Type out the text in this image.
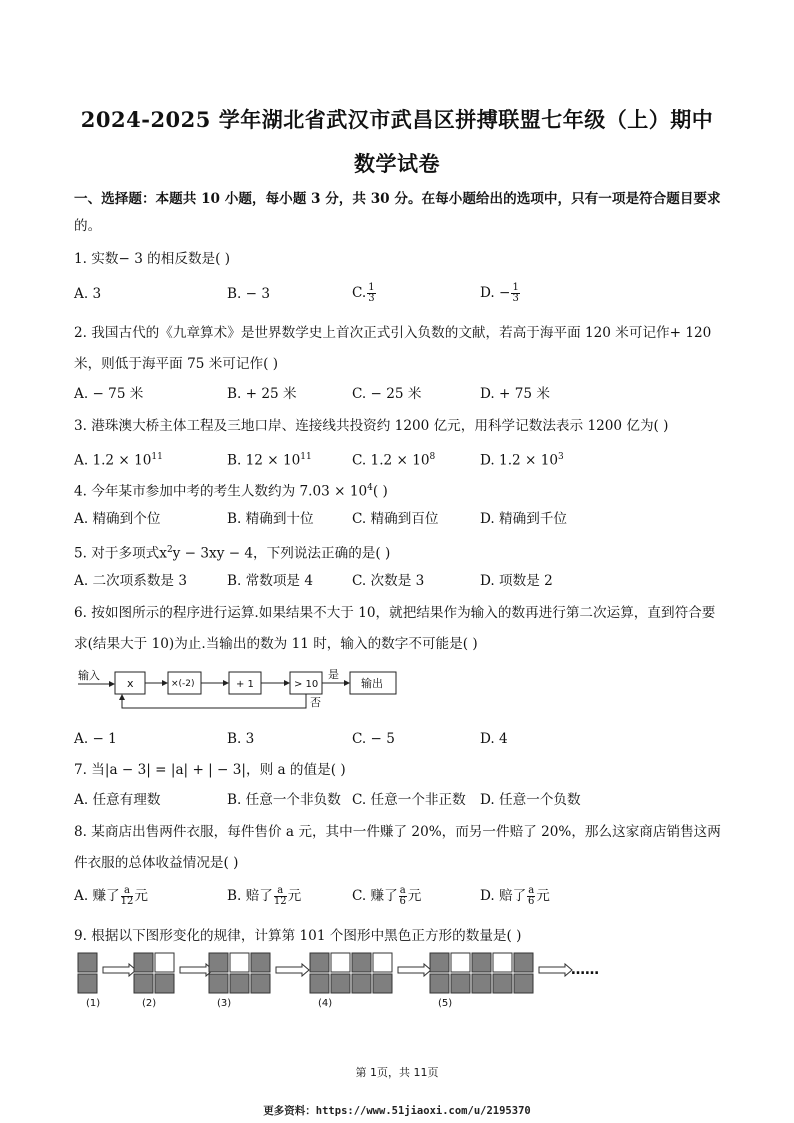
2024-2025 学年湖北省武汉市武昌区拼搏联盟七年级（上）期中
数学试卷
一、选择题：本题共 10 小题，每小题 3 分，共 30 分。在每小题给出的选项中，只有一项是符合题目要求
的。
1. 实数− 3 的相反数是( )
A. 3	B. − 3	C. $\frac{1}{3}$	D. − $\frac{1}{3}$
2. 我国古代的《九章算术》是世界数学史上首次正式引入负数的文献，若高于海平面 120 米可记作+ 120
米，则低于海平面 75 米可记作( )
A. − 75 米	B. + 25 米	C. − 25 米	D. + 75 米
3. 港珠澳大桥主体工程及三地口岸、连接线共投资约 1200 亿元，用科学记数法表示 1200 亿为( )
A. $1.2 \times 10^{11}$	B. $12 \times 10^{11}$	C. $1.2 \times 10^8$	D. $1.2 \times 10^3$
4. 今年某市参加中考的考生人数约为 $7.03 \times 10^4$( )
A. 精确到个位	B. 精确到十位	C. 精确到百位	D. 精确到千位
5. 对于多项式$x^2y - 3xy - 4$，下列说法正确的是( )
A. 二次项系数是 3	B. 常数项是 4	C. 次数是 3	D. 项数是 2
6. 按如图所示的程序进行运算.如果结果不大于 10，就把结果作为输入的数再进行第二次运算，直到符合要
求(结果大于 10)为止.当输出的数为 11 时，输入的数字不可能是( )
输入
x	×(-2)	+ 1	> 10
是
输出
否
A. − 1	B. 3	C. − 5	D. 4
7. 当|a − 3| = |a| + | − 3|，则 a 的值是( )
A. 任意有理数	B. 任意一个非负数 C. 任意一个非正数 D. 任意一个负数
8. 某商店出售两件衣服，每件售价 a 元，其中一件赚了 20%，而另一件赔了 20%，那么这家商店销售这两
件衣服的总体收益情况是( )
A. 赚了 $\frac{a}{12}$ 元	B. 赔了 $\frac{a}{12}$ 元	C. 赚了 $\frac{a}{6}$ 元	D. 赔了 $\frac{a}{6}$ 元
9. 根据以下图形变化的规律，计算第 101 个图形中黑色正方形的数量是( )
(1)	(2)	(3)	(4)	(5)
……
第 1页，共 11页
更多资料：https://www.51jiaoxi.com/u/2195370
